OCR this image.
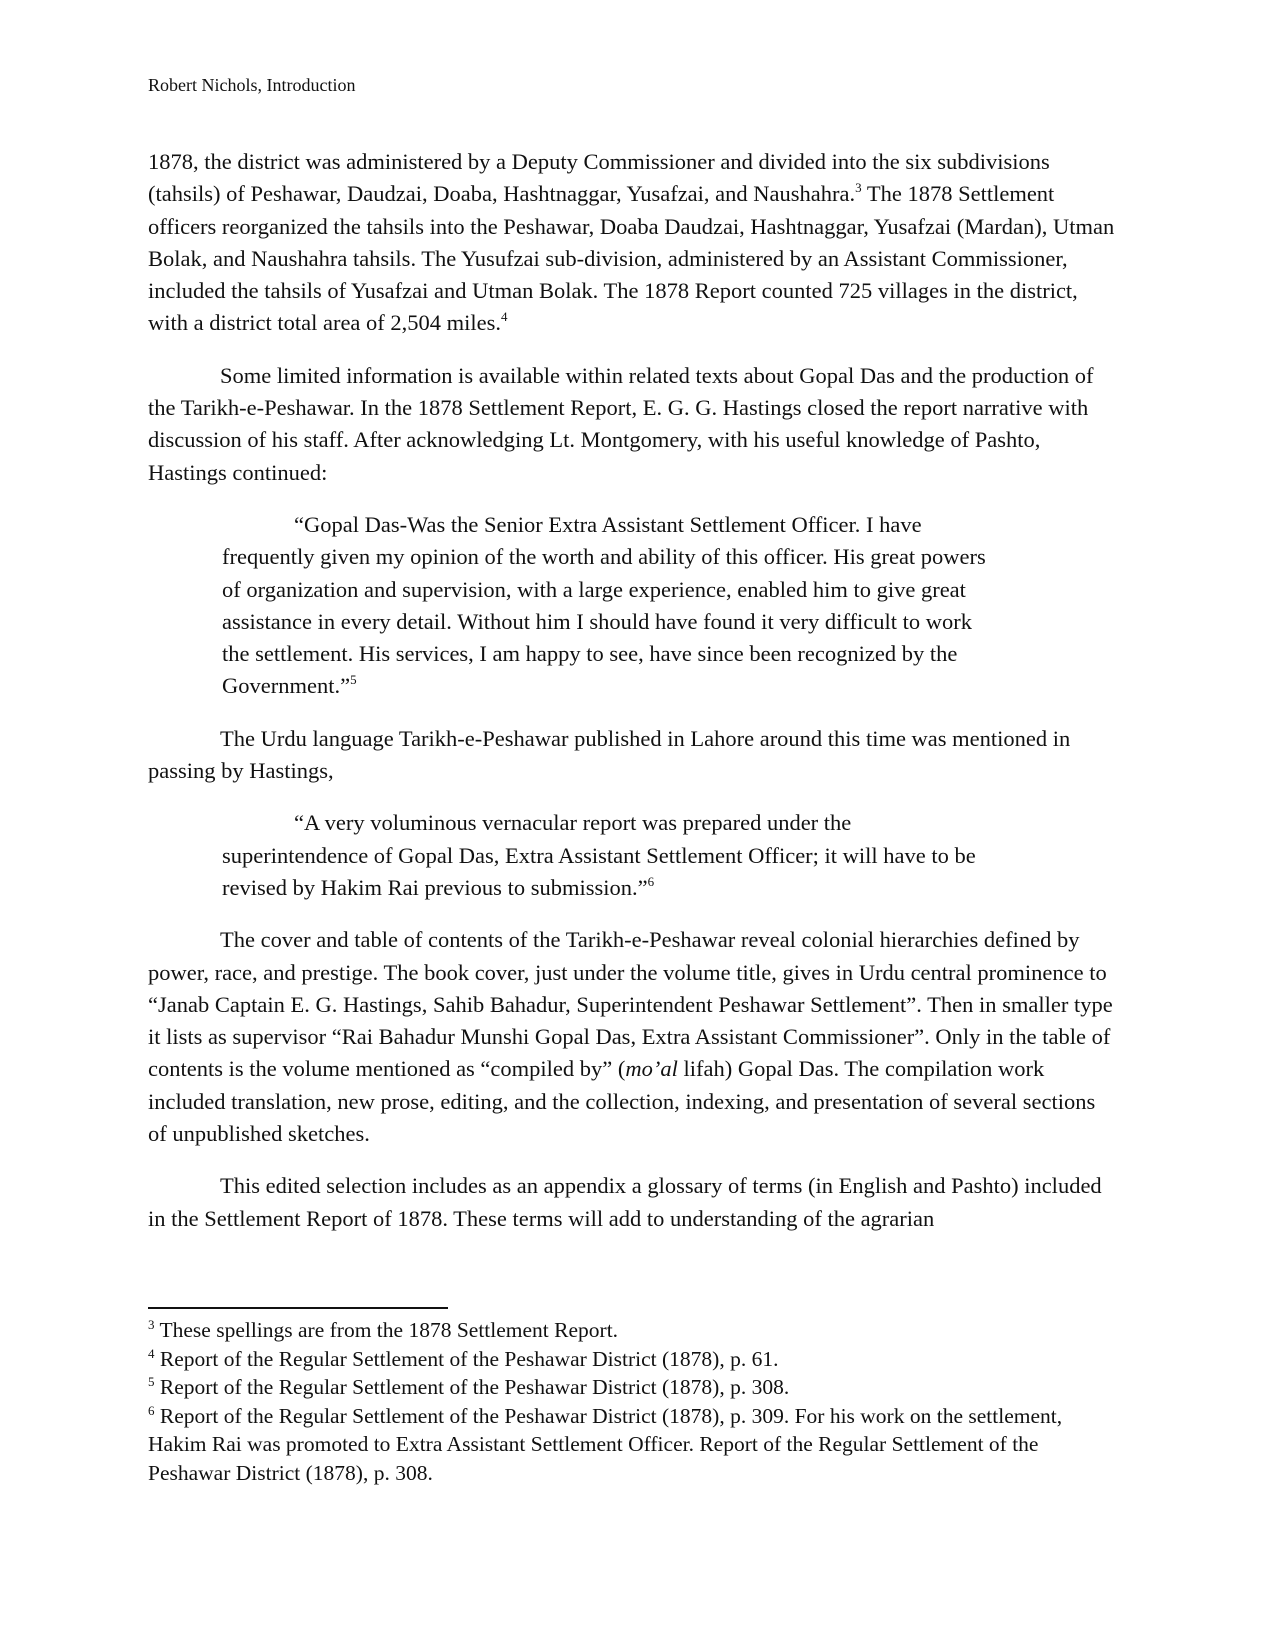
Robert Nichols, Introduction

1878, the district was administered by a Deputy Commissioner and divided into the six subdivisions (tahsils) of Peshawar, Daudzai, Doaba, Hashtnaggar, Yusafzai, and Naushahra.$^3$ The 1878 Settlement officers reorganized the tahsils into the Peshawar, Doaba Daudzai, Hashtnaggar, Yusafzai (Mardan), Utman Bolak, and Naushahra tahsils. The Yusufzai sub-division, administered by an Assistant Commissioner, included the tahsils of Yusafzai and Utman Bolak. The 1878 Report counted 725 villages in the district, with a district total area of 2,504 miles.$^4$

Some limited information is available within related texts about Gopal Das and the production of the Tarikh-e-Peshawar. In the 1878 Settlement Report, E. G. G. Hastings closed the report narrative with discussion of his staff. After acknowledging Lt. Montgomery, with his useful knowledge of Pashto, Hastings continued:

“Gopal Das-Was the Senior Extra Assistant Settlement Officer. I have frequently given my opinion of the worth and ability of this officer. His great powers of organization and supervision, with a large experience, enabled him to give great assistance in every detail. Without him I should have found it very difficult to work the settlement. His services, I am happy to see, have since been recognized by the Government.”$^5$

The Urdu language Tarikh-e-Peshawar published in Lahore around this time was mentioned in passing by Hastings,

“A very voluminous vernacular report was prepared under the superintendence of Gopal Das, Extra Assistant Settlement Officer; it will have to be revised by Hakim Rai previous to submission.”$^6$

The cover and table of contents of the Tarikh-e-Peshawar reveal colonial hierarchies defined by power, race, and prestige. The book cover, just under the volume title, gives in Urdu central prominence to “Janab Captain E. G. Hastings, Sahib Bahadur, Superintendent Peshawar Settlement”. Then in smaller type it lists as supervisor “Rai Bahadur Munshi Gopal Das, Extra Assistant Commissioner”. Only in the table of contents is the volume mentioned as “compiled by” (mo’al lifah) Gopal Das. The compilation work included translation, new prose, editing, and the collection, indexing, and presentation of several sections of unpublished sketches.

This edited selection includes as an appendix a glossary of terms (in English and Pashto) included in the Settlement Report of 1878. These terms will add to understanding of the agrarian

$^3$ These spellings are from the 1878 Settlement Report.

$^4$ Report of the Regular Settlement of the Peshawar District (1878), p. 61.

$^5$ Report of the Regular Settlement of the Peshawar District (1878), p. 308.

$^6$ Report of the Regular Settlement of the Peshawar District (1878), p. 309. For his work on the settlement, Hakim Rai was promoted to Extra Assistant Settlement Officer. Report of the Regular Settlement of the Peshawar District (1878), p. 308.
